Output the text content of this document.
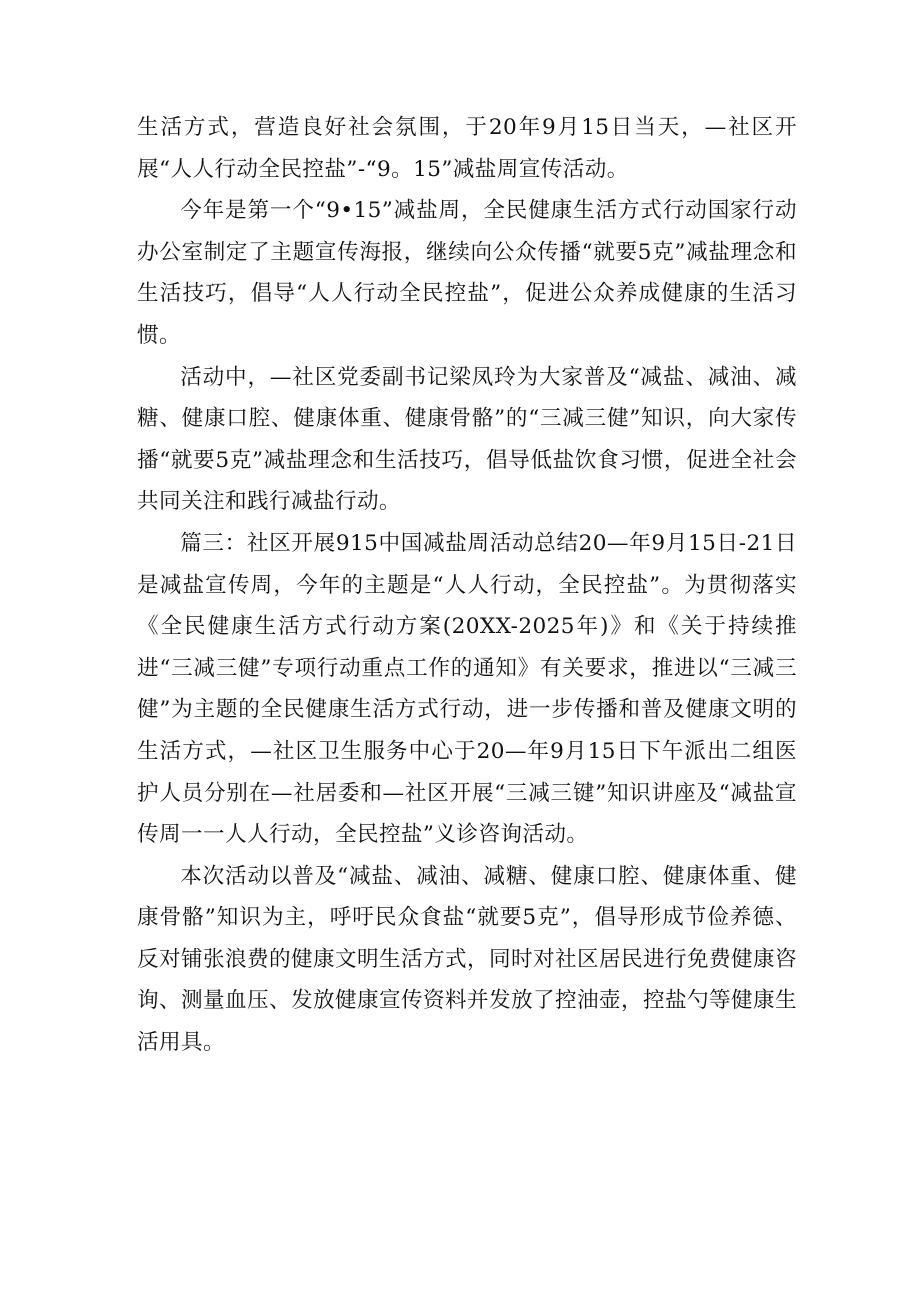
生活方式，营造良好社会氛围，于20年9月15日当天，—社区开展“人人行动全民控盐”-“9。15”减盐周宣传活动。

今年是第一个“9•15”减盐周，全民健康生活方式行动国家行动办公室制定了主题宣传海报，继续向公众传播“就要5克”减盐理念和生活技巧，倡导“人人行动全民控盐”，促进公众养成健康的生活习惯。

活动中，—社区党委副书记梁凤玲为大家普及“减盐、减油、减糖、健康口腔、健康体重、健康骨骼”的“三减三健”知识，向大家传播“就要5克”减盐理念和生活技巧，倡导低盐饮食习惯，促进全社会共同关注和践行减盐行动。

篇三：社区开展915中国减盐周活动总结20—年9月15日-21日是减盐宣传周，今年的主题是“人人行动，全民控盐”。为贯彻落实《全民健康生活方式行动方案(20XX-2025年)》和《关于持续推进“三减三健”专项行动重点工作的通知》有关要求，推进以“三减三健”为主题的全民健康生活方式行动，进一步传播和普及健康文明的生活方式，—社区卫生服务中心于20—年9月15日下午派出二组医护人员分别在—社居委和—社区开展“三减三键”知识讲座及“减盐宣传周一一人人行动，全民控盐”义诊咨询活动。

本次活动以普及“减盐、减油、减糖、健康口腔、健康体重、健康骨骼”知识为主，呼吁民众食盐“就要5克”，倡导形成节俭养德、反对铺张浪费的健康文明生活方式，同时对社区居民进行免费健康咨询、测量血压、发放健康宣传资料并发放了控油壶，控盐勺等健康生活用具。
